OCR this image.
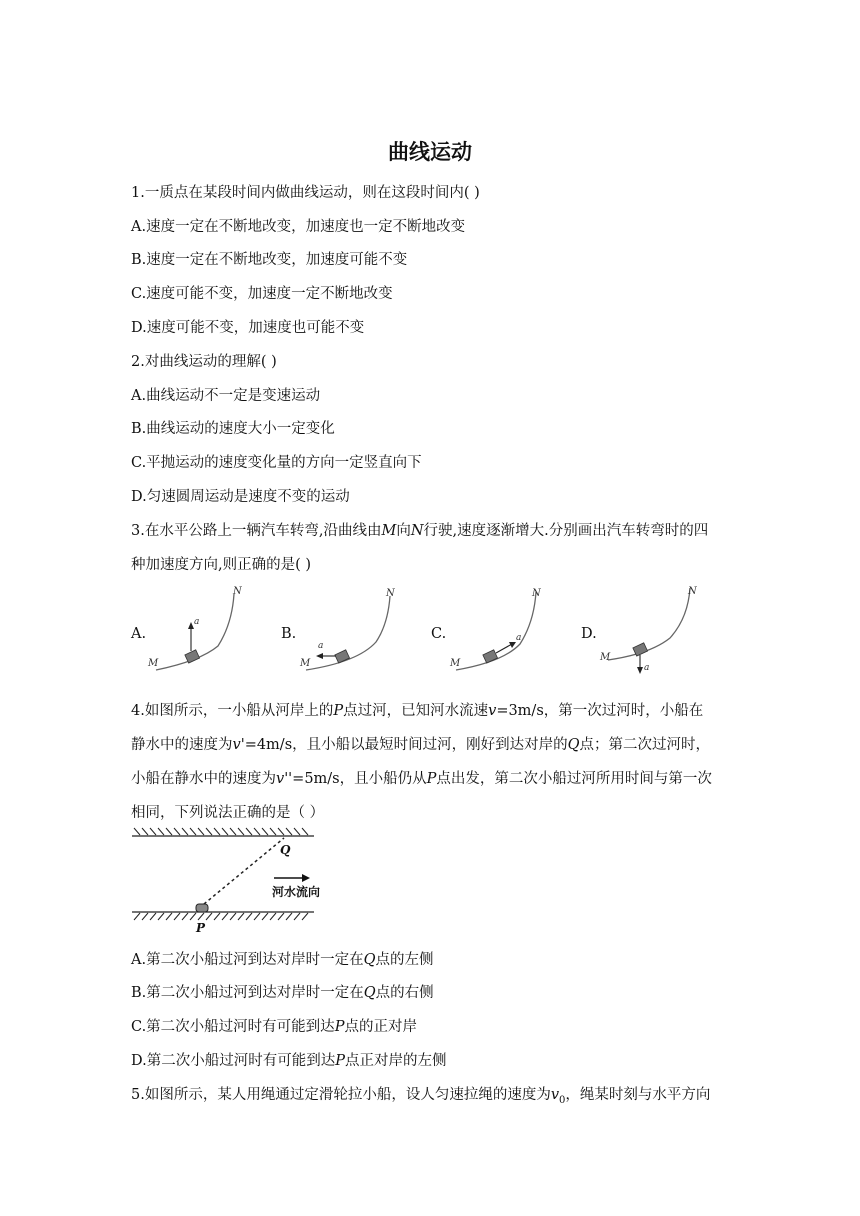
曲线运动
1.一质点在某段时间内做曲线运动，则在这段时间内( )
A.速度一定在不断地改变，加速度也一定不断地改变
B.速度一定在不断地改变，加速度可能不变
C.速度可能不变，加速度一定不断地改变
D.速度可能不变，加速度也可能不变
2.对曲线运动的理解( )
A.曲线运动不一定是变速运动
B.曲线运动的速度大小一定变化
C.平抛运动的速度变化量的方向一定竖直向下
D.匀速圆周运动是速度不变的运动
3.在水平公路上一辆汽车转弯,沿曲线由M向N行驶,速度逐渐增大.分别画出汽车转弯时的四
种加速度方向,则正确的是( )
A.
N
M
a
B.
N
M
a
C.
N
M
a	D.
N
M
a
4.如图所示，一小船从河岸上的P点过河，已知河水流速v=3m/s，第一次过河时，小船在
静水中的速度为v'=4m/s，且小船以最短时间过河，刚好到达对岸的Q点；第二次过河时，
小船在静水中的速度为v''=5m/s，且小船仍从P点出发，第二次小船过河所用时间与第一次
相同，下列说法正确的是（ ）
P
Q
河水流向
A.第二次小船过河到达对岸时一定在Q点的左侧
B.第二次小船过河到达对岸时一定在Q点的右侧
C.第二次小船过河时有可能到达P点的正对岸
D.第二次小船过河时有可能到达P点正对岸的左侧
5.如图所示，某人用绳通过定滑轮拉小船，设人匀速拉绳的速度为$v_0$，绳某时刻与水平方向
